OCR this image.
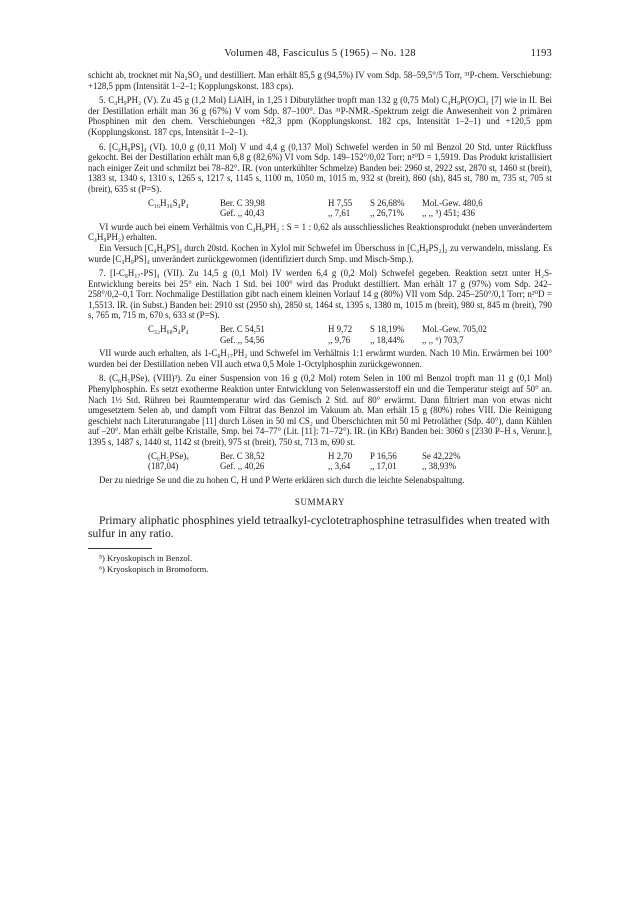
Volumen 48, Fasciculus 5 (1965) – No. 128	1193

schicht ab, trocknet mit Na₂SO₄ und destilliert. Man erhält 85,5 g (94,5%) IV vom Sdp. 58–59,5°/5 Torr, ³¹P-chem. Verschiebung: +128,5 ppm (Intensität 1–2–1; Kopplungskonst. 183 cps).

5. C₄H₉PH₂ (V). Zu 45 g (1,2 Mol) LiAlH₄ in 1,25 l Dibutyläther tropft man 132 g (0,75 Mol) C₄H₉P(O)Cl₂ [7] wie in II. Bei der Destillation erhält man 36 g (67%) V vom Sdp. 87–100°. Das ³¹P-NMR.-Spektrum zeigt die Anwesenheit von 2 primären Phosphinen mit den chem. Verschiebungen +82,3 ppm (Kopplungskonst. 182 cps, Intensität 1–2–1) und +120,5 ppm (Kopplungskonst. 187 cps, Intensität 1–2–1).

6. [C₄H₉PS]₄ (VI). 10,0 g (0,11 Mol) V und 4,4 g (0,137 Mol) Schwefel werden in 50 ml Benzol 20 Std. unter Rückfluss gekocht. Bei der Destillation erhält man 6,8 g (82,6%) VI vom Sdp. 149–152°/0,02 Torr; n²⁰D = 1,5919. Das Produkt kristallisiert nach einiger Zeit und schmilzt bei 78–82°. IR. (von unterkühlter Schmelze) Banden bei: 2960 st, 2922 sst, 2870 st, 1460 st (breit), 1383 st, 1340 s, 1310 s, 1265 s, 1217 s, 1145 s, 1100 m, 1050 m, 1015 m, 932 st (breit), 860 (sh), 845 st, 780 m, 735 st, 705 st (breit), 635 st (P=S).

C₁₆H₃₆S₄P₄	Ber. C 39,98	H 7,55	S 26,68%	Mol.-Gew. 480,6
Gef. ,, 40,43	,, 7,61	,, 26,71%	,, ,, ⁵) 451; 436

VI wurde auch bei einem Verhältnis von C₄H₉PH₂ : S = 1 : 0,62 als ausschliessliches Reaktionsprodukt (neben unverändertem C₄H₉PH₂) erhalten.

Ein Versuch [C₄H₉PS]₄ durch 20std. Kochen in Xylol mit Schwefel im Überschuss in [C₄H₉PS₂]₂ zu verwandeln, misslang. Es wurde [C₄H₉PS]₄ unverändert zurückgewonnen (identifiziert durch Smp. und Misch-Smp.).

7. [I-C₈H₁₇-PS]₄ (VII). Zu 14,5 g (0,1 Mol) IV werden 6,4 g (0,2 Mol) Schwefel gegeben. Reaktion setzt unter H₂S-Entwicklung bereits bei 25° ein. Nach 1 Std. bei 100° wird das Produkt destilliert. Man erhält 17 g (97%) vom Sdp. 242–258°/0,2–0,1 Torr. Nochmalige Destillation gibt nach einem kleinen Vorlauf 14 g (80%) VII vom Sdp. 245–250°/0,1 Torr; n²⁰D = 1,5513. IR. (in Subst.) Banden bei: 2910 sst (2950 sh), 2850 st, 1464 st, 1395 s, 1380 m, 1015 m (breit), 980 st, 845 m (breit), 790 s, 765 m, 715 m, 670 s, 633 st (P=S).

C₃₂H₆₈S₄P₄	Ber. C 54,51	H 9,72	S 18,19%	Mol.-Gew. 705,02
Gef. ,, 54,56	,, 9,76	,, 18,44%	,, ,, ⁶) 703,7

VII wurde auch erhalten, als 1-C₈H₁₇PH₂ und Schwefel im Verhältnis 1:1 erwärmt wurden. Nach 10 Min. Erwärmen bei 100° wurden bei der Destillation neben VII auch etwa 0,5 Mole 1-Octylphosphin zurückgewonnen.

8. (C₆H₅PSe)ₓ (VIII)³). Zu einer Suspension von 16 g (0,2 Mol) rotem Selen in 100 ml Benzol tropft man 11 g (0,1 Mol) Phenylphosphin. Es setzt exotherme Reaktion unter Entwicklung von Selenwasserstoff ein und die Temperatur steigt auf 50° an. Nach 1½ Std. Rühren bei Raumtemperatur wird das Gemisch 2 Std. auf 80° erwärmt. Dann filtriert man von etwas nicht umgesetztem Selen ab, und dampft vom Filtrat das Benzol im Vakuum ab. Man erhält 15 g (80%) rohes VIII. Die Reinigung geschieht nach Literaturangabe [11] durch Lösen in 50 ml CS₂ und Überschichten mit 50 ml Petroläther (Sdp. 40°), dann Kühlen auf –20°. Man erhält gelbe Kristalle, Smp. bei 74–77° (Lit. [11]: 71–72°). IR. (in KBr) Banden bei: 3060 s [2330 P–H s, Verunr.], 1395 s, 1487 s, 1440 st, 1142 st (breit), 975 st (breit), 750 st, 713 m, 690 st.

(C₆H₅PSe)ₓ	Ber. C 38,52	H 2,70	P 16,56	Se 42,22%
(187,04)	Gef. ,, 40,26	,, 3,64	,, 17,01	,, 38,93%

Der zu niedrige Se und die zu hohen C, H und P Werte erklären sich durch die leichte Selenabspaltung.

SUMMARY

Primary aliphatic phosphines yield tetraalkyl-cyclotetraphosphine tetrasulfides when treated with sulfur in any ratio.

⁵) Kryoskopisch in Benzol.

⁶) Kryoskopisch in Bromoform.
